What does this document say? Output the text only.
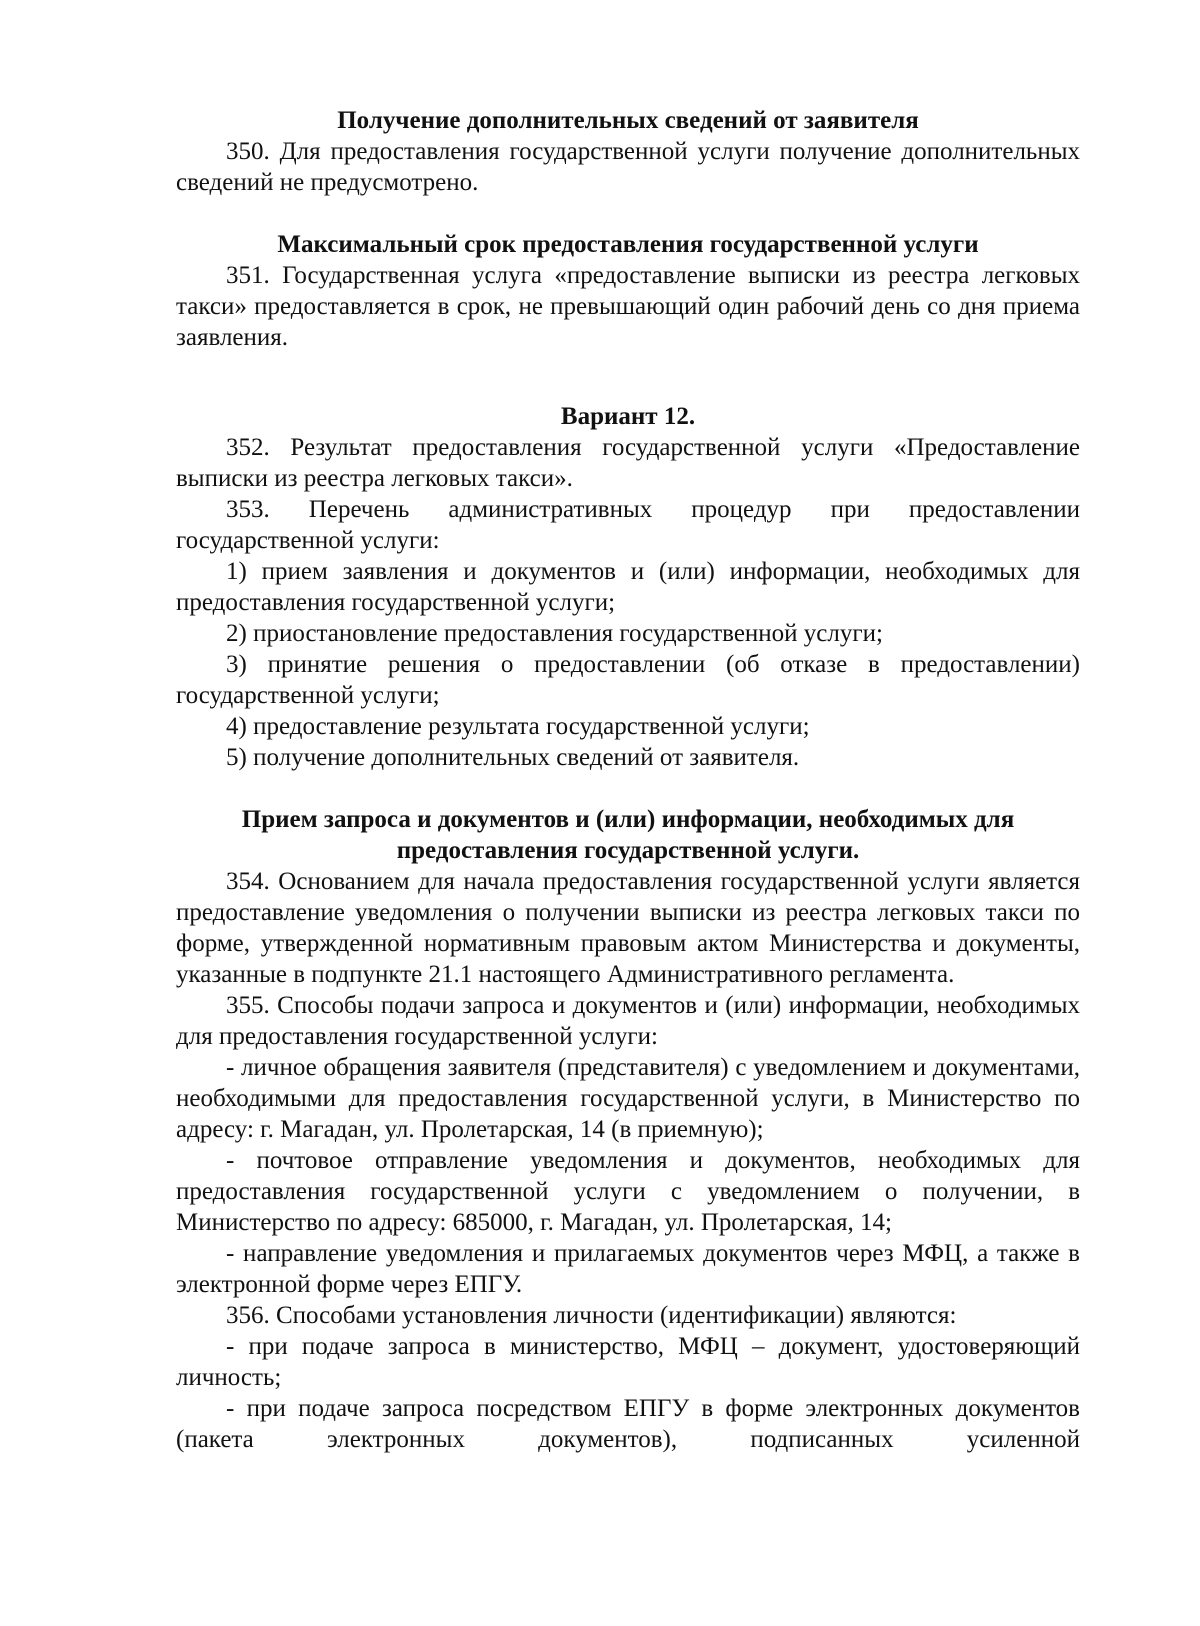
Получение дополнительных сведений от заявителя

350. Для предоставления государственной услуги получение дополнительных сведений не предусмотрено.

Максимальный срок предоставления государственной услуги

351. Государственная услуга «предоставление выписки из реестра легковых такси» предоставляется в срок, не превышающий один рабочий день со дня приема заявления.

Вариант 12.

352. Результат предоставления государственной услуги «Предоставление выписки из реестра легковых такси».

353. Перечень административных процедур при предоставлении государственной услуги:

1) прием заявления и документов и (или) информации, необходимых для предоставления государственной услуги;

2) приостановление предоставления государственной услуги;

3) принятие решения о предоставлении (об отказе в предоставлении) государственной услуги;

4) предоставление результата государственной услуги;

5) получение дополнительных сведений от заявителя.

Прием запроса и документов и (или) информации, необходимых для

предоставления государственной услуги.

354. Основанием для начала предоставления государственной услуги является предоставление уведомления о получении выписки из реестра легковых такси по форме, утвержденной нормативным правовым актом Министерства и документы, указанные в подпункте 21.1 настоящего Административного регламента.

355. Способы подачи запроса и документов и (или) информации, необходимых для предоставления государственной услуги:

- личное обращения заявителя (представителя) с уведомлением и документами, необходимыми для предоставления государственной услуги, в Министерство по адресу: г. Магадан, ул. Пролетарская, 14 (в приемную);

- почтовое отправление уведомления и документов, необходимых для предоставления государственной услуги с уведомлением о получении, в Министерство по адресу: 685000, г. Магадан, ул. Пролетарская, 14;

- направление уведомления и прилагаемых документов через МФЦ, а также в электронной форме через ЕПГУ.

356. Способами установления личности (идентификации) являются:

- при подаче запроса в министерство, МФЦ – документ, удостоверяющий личность;

- при подаче запроса посредством ЕПГУ в форме электронных документов (пакета электронных документов), подписанных усиленной
